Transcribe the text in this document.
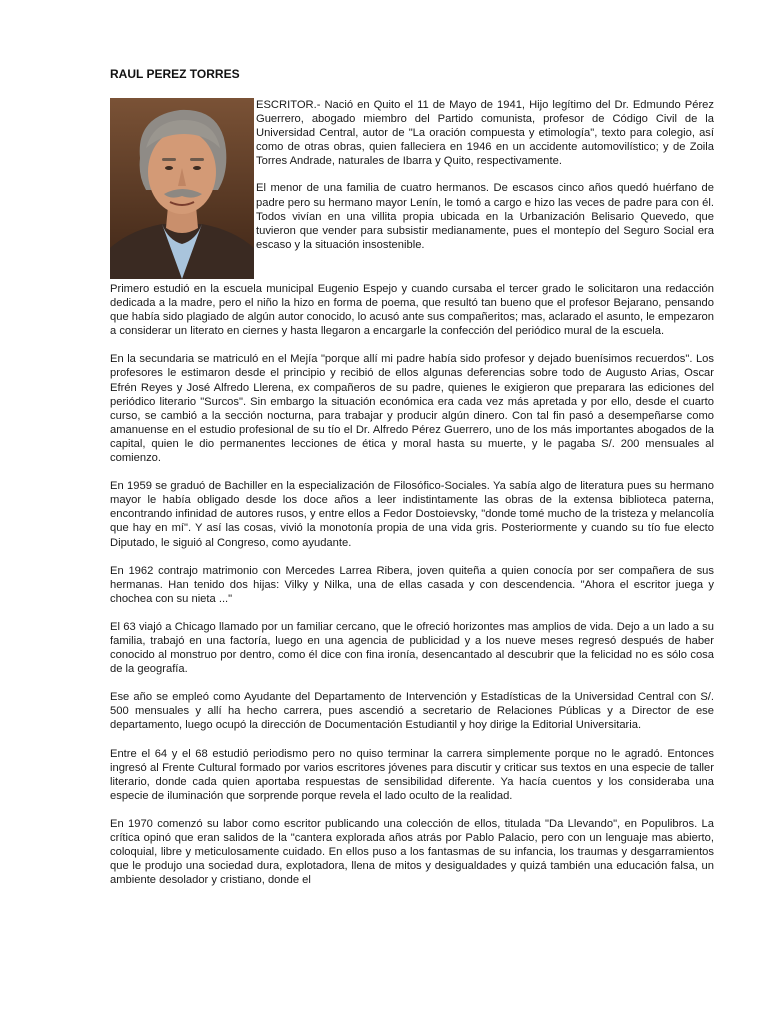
RAUL PEREZ TORRES

ESCRITOR.- Nació en Quito el 11 de Mayo de 1941, Hijo legítimo del Dr. Edmundo Pérez Guerrero, abogado miembro del Partido comunista, profesor de Código Civil de la Universidad Central, autor de "La oración compuesta y etimología", texto para colegio, así como de otras obras, quien falleciera en 1946 en un accidente automovilístico; y de Zoila Torres Andrade, naturales de Ibarra y Quito, respectivamente.

El menor de una familia de cuatro hermanos. De escasos cinco años quedó huérfano de padre pero su hermano mayor Lenín, le tomó a cargo e hizo las veces de padre para con él. Todos vivían en una villita propia ubicada en la Urbanización Belisario Quevedo, que tuvieron que vender para subsistir medianamente, pues el montepío del Seguro Social era escaso y la situación insostenible.

Primero estudió en la escuela municipal Eugenio Espejo y cuando cursaba el tercer grado le solicitaron una redacción dedicada a la madre, pero el niño la hizo en forma de poema, que resultó tan bueno que el profesor Bejarano, pensando que había sido plagiado de algún autor conocido, lo acusó ante sus compañeritos; mas, aclarado el asunto, le empezaron a considerar un literato en ciernes y hasta llegaron a encargarle la confección del periódico mural de la escuela.

En la secundaria se matriculó en el Mejía "porque allí mi padre había sido profesor y dejado buenísimos recuerdos". Los profesores le estimaron desde el principio y recibió de ellos algunas deferencias sobre todo de Augusto Arias, Oscar Efrén Reyes y José Alfredo Llerena, ex compañeros de su padre, quienes le exigieron que preparara las ediciones del periódico literario "Surcos". Sin embargo la situación económica era cada vez más apretada y por ello, desde el cuarto curso, se cambió a la sección nocturna, para trabajar y producir algún dinero. Con tal fin pasó a desempeñarse como amanuense en el estudio profesional de su tío el Dr. Alfredo Pérez Guerrero, uno de los más importantes abogados de la capital, quien le dio permanentes lecciones de ética y moral hasta su muerte, y le pagaba S/. 200 mensuales al comienzo.

En 1959 se graduó de Bachiller en la especialización de Filosófico-Sociales. Ya sabía algo de literatura pues su hermano mayor le había obligado desde los doce años a leer indistintamente las obras de la extensa biblioteca paterna, encontrando infinidad de autores rusos, y entre ellos a Fedor Dostoievsky, "donde tomé mucho de la tristeza y melancolía que hay en mí". Y así las cosas, vivió la monotonía propia de una vida gris. Posteriormente y cuando su tío fue electo Diputado, le siguió al Congreso, como ayudante.

En 1962 contrajo matrimonio con Mercedes Larrea Ribera, joven quiteña a quien conocía por ser compañera de sus hermanas. Han tenido dos hijas: Vilky y Nilka, una de ellas casada y con descendencia. "Ahora el escritor juega y chochea con su nieta ..."

El 63 viajó a Chicago llamado por un familiar cercano, que le ofreció horizontes mas amplios de vida. Dejo a un lado a su familia, trabajó en una factoría, luego en una agencia de publicidad y a los nueve meses regresó después de haber conocido al monstruo por dentro, como él dice con fina ironía, desencantado al descubrir que la felicidad no es sólo cosa de la geografía.

Ese año se empleó como Ayudante del Departamento de Intervención y Estadísticas de la Universidad Central con S/. 500 mensuales y allí ha hecho carrera, pues ascendió a secretario de Relaciones Públicas y a Director de ese departamento, luego ocupó la dirección de Documentación Estudiantil y hoy dirige la Editorial Universitaria.

Entre el 64 y el 68 estudió periodismo pero no quiso terminar la carrera simplemente porque no le agradó. Entonces ingresó al Frente Cultural formado por varios escritores jóvenes para discutir y criticar sus textos en una especie de taller literario, donde cada quien aportaba respuestas de sensibilidad diferente. Ya hacía cuentos y los consideraba una especie de iluminación que sorprende porque revela el lado oculto de la realidad.

En 1970 comenzó su labor como escritor publicando una colección de ellos, titulada "Da Llevando", en Populibros. La crítica opinó que eran salidos de la "cantera explorada años atrás por Pablo Palacio, pero con un lenguaje mas abierto, coloquial, libre y meticulosamente cuidado. En ellos puso a los fantasmas de su infancia, los traumas y desgarramientos que le produjo una sociedad dura, explotadora, llena de mitos y desigualdades y quizá también una educación falsa, un ambiente desolador y cristiano, donde el
